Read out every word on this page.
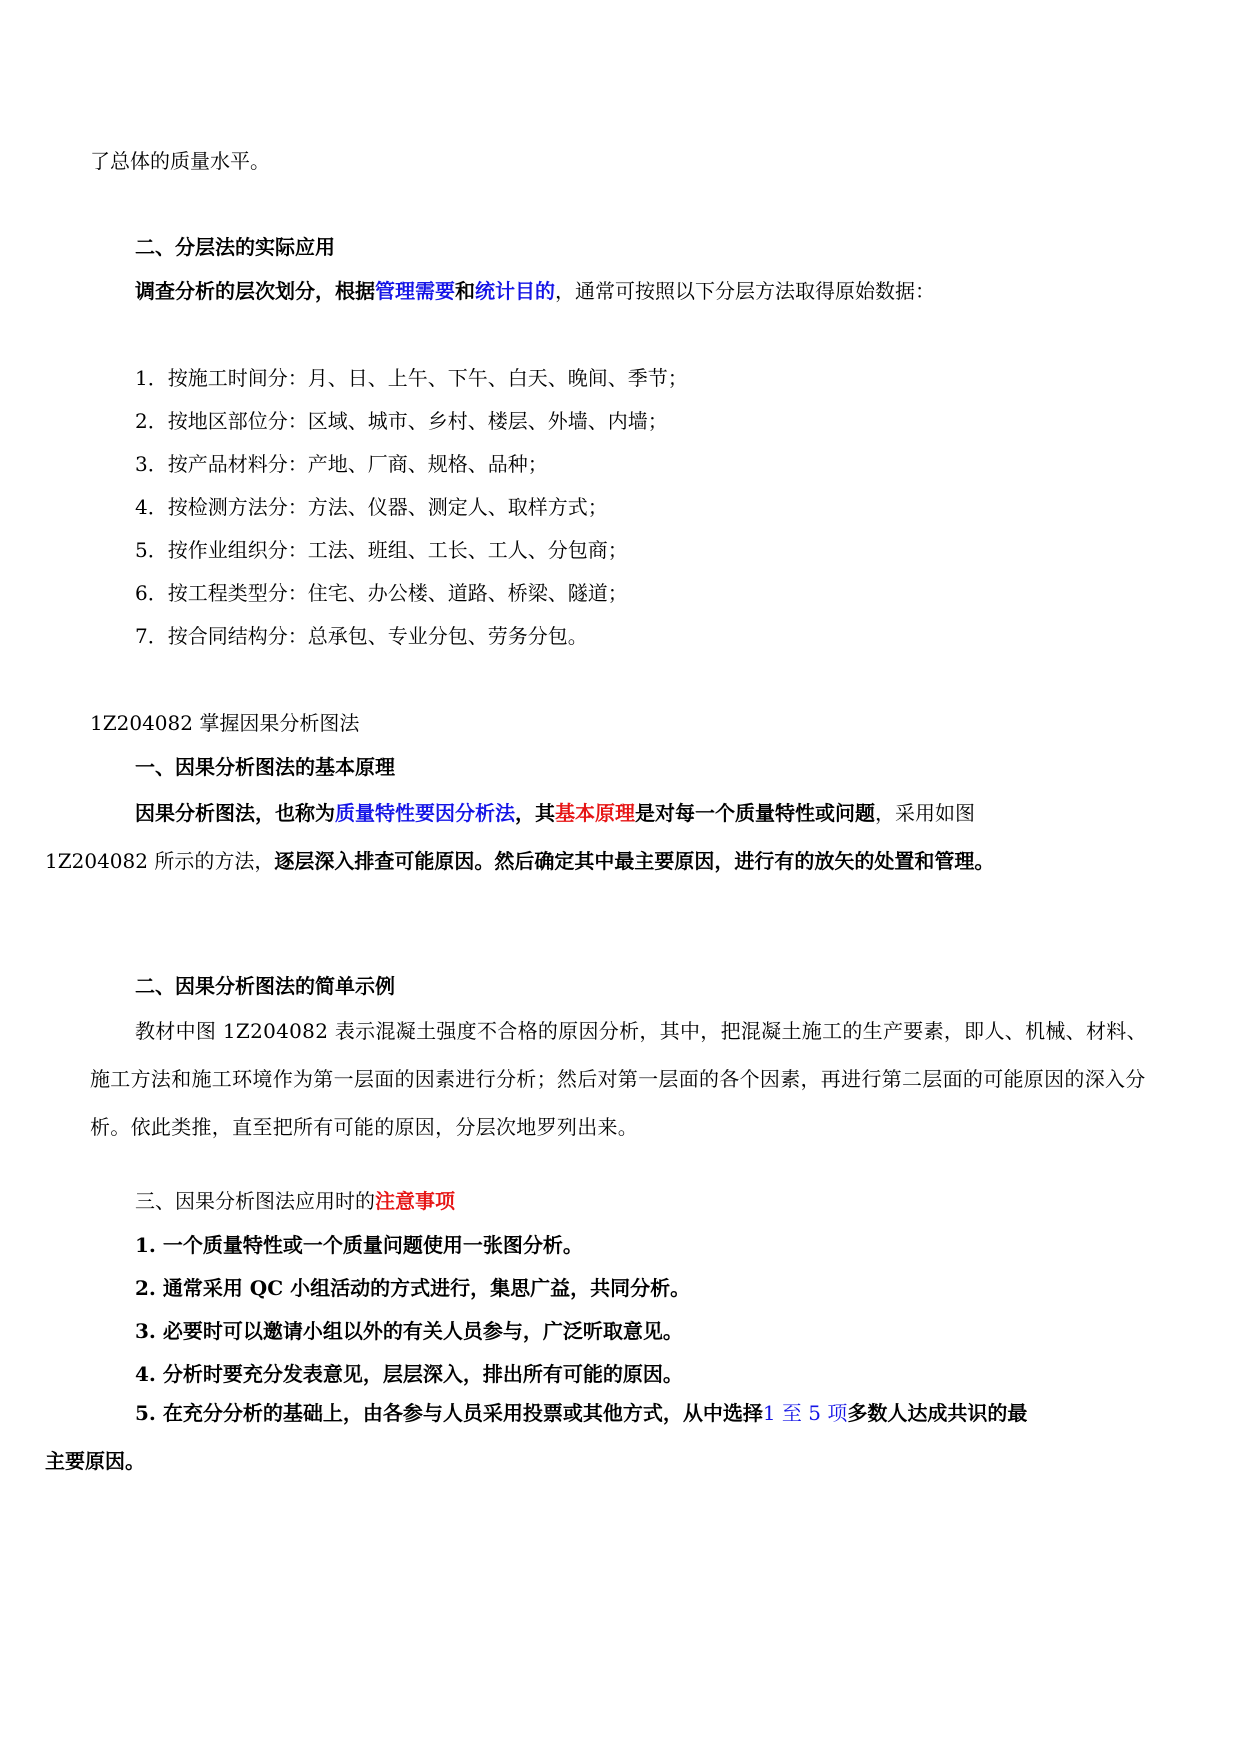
了总体的质量水平。
二、分层法的实际应用
调查分析的层次划分，根据管理需要和统计目的，通常可按照以下分层方法取得原始数据：
1．按施工时间分：月、日、上午、下午、白天、晚间、季节；
2．按地区部位分：区域、城市、乡村、楼层、外墙、内墙；
3．按产品材料分：产地、厂商、规格、品种；
4．按检测方法分：方法、仪器、测定人、取样方式；
5．按作业组织分：工法、班组、工长、工人、分包商；
6．按工程类型分：住宅、办公楼、道路、桥梁、隧道；
7．按合同结构分：总承包、专业分包、劳务分包。
1Z204082 掌握因果分析图法
一、因果分析图法的基本原理
因果分析图法，也称为质量特性要因分析法，其基本原理是对每一个质量特性或问题，采用如图
1Z204082 所示的方法，逐层深入排查可能原因。然后确定其中最主要原因，进行有的放矢的处置和管理。
二、因果分析图法的简单示例
教材中图 1Z204082 表示混凝土强度不合格的原因分析，其中，把混凝土施工的生产要素，即人、机械、材料、施工方法和施工环境作为第一层面的因素进行分析；然后对第一层面的各个因素，再进行第二层面的可能原因的深入分析。依此类推，直至把所有可能的原因，分层次地罗列出来。
三、因果分析图法应用时的注意事项
1. 一个质量特性或一个质量问题使用一张图分析。
2. 通常采用 QC 小组活动的方式进行，集思广益，共同分析。
3. 必要时可以邀请小组以外的有关人员参与，广泛听取意见。
4. 分析时要充分发表意见，层层深入，排出所有可能的原因。
5. 在充分分析的基础上，由各参与人员采用投票或其他方式，从中选择1 至 5 项多数人达成共识的最
主要原因。
